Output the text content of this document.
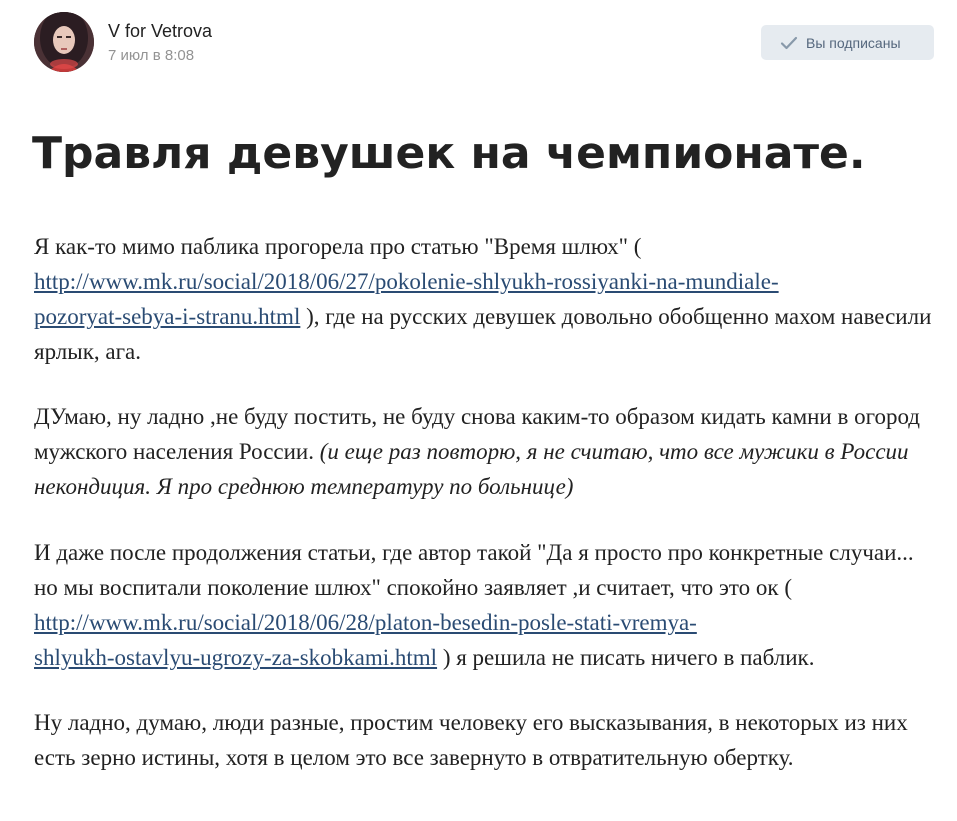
V for Vetrova
7 июл в 8:08
Вы подписаны
Травля девушек на чемпионате.

Я как-то мимо паблика прогорела про статью "Время шлюх" ( http://www.mk.ru/social/2018/06/27/pokolenie-shlyukh-rossiyanki-na-mundiale-
pozoryat-sebya-i-stranu.html ), где на русских девушек довольно обобщенно махом навесили ярлык, ага.

ДУмаю, ну ладно ,не буду постить, не буду снова каким-то образом кидать камни в огород мужского населения России. (и еще раз повторю, я не считаю, что все мужики в России некондиция. Я про среднюю температуру по больнице)

И даже после продолжения статьи, где автор такой "Да я просто про конкретные случаи... но мы воспитали поколение шлюх" спокойно заявляет ,и считает, что это ок ( http://www.mk.ru/social/2018/06/28/platon-besedin-posle-stati-vremya-
shlyukh-ostavlyu-ugrozy-za-skobkami.html ) я решила не писать ничего в паблик.

Ну ладно, думаю, люди разные, простим человеку его высказывания, в некоторых из них есть зерно истины, хотя в целом это все завернуто в отвратительную обертку.
